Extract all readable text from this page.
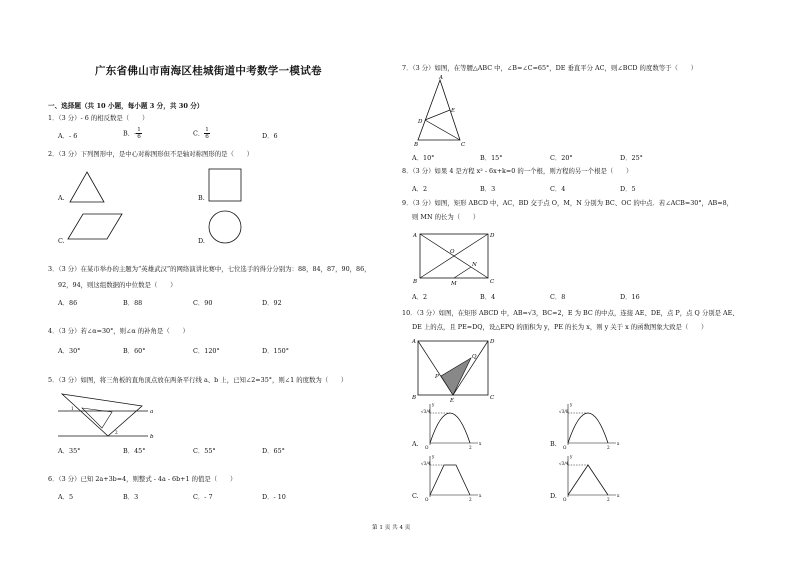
广东省佛山市南海区桂城街道中考数学一模试卷
一、选择题（共 10 小题，每小题 3 分，共 30 分）
1．（3 分）- 6 的相反数是（　　）
A．- 6	B．- $\frac{1}{6}$	C． $\frac{1}{6}$	D．6
2．（3 分）下列图形中，是中心对称图形但不是轴对称图形的是（　　）
A.	B.
C.	D.
3．（3 分）在某市举办的主题为“英雄武汉”的网络演讲比赛中，七位选手的得分分别为：88，84，87，90，86，
92，94，则这组数据的中位数是（　　）
A．86	B．88	C．90	D．92
4．（3 分）若∠α=30°，则∠α 的补角是（　　）
A．30°	B．60°	C．120°	D．150°
5．（3 分）如图，将三角板的直角顶点放在两条平行线 a、b 上，已知∠2=35°，则∠1 的度数为（　　）
a
b
1
2
A．35°	B．45°	C．55°	D．65°
6．（3 分）已知 2a+3b=4，则整式 - 4a - 6b+1 的值是（　　）
A．5	B．3	C．- 7	D．- 10
7．（3 分）如图，在等腰△ABC 中，∠B=∠C=65°，DE 垂直平分 AC，则∠BCD 的度数等于（　　）
A
B	C
D
E
A．10°	B．15°	C．20°	D．25°
8．（3 分）如果 4 是方程 x² - 6x+k=0 的一个根，则方程的另一个根是（　　）
A．2	B．3	C．4	D．5
9．（3 分）如图，矩形 ABCD 中，AC，BD 交于点 O，M，N 分别为 BC、OC 的中点．若∠ACB=30°，AB=8，
则 MN 的长为（　　）
A	D
B	C
O
N
M
A．2	B．4	C．8	D．16
10．（3 分）如图，在矩形 ABCD 中，AB=√3，BC=2，E 为 BC 的中点，连接 AE、DE，点 P，点 Q 分别是 AE、
DE 上的点，且 PE=DQ，设△EPQ 的面积为 y，PE 的长为 x，则 y 关于 x 的函数图象大致是（　　）
A	D
B	C
E
P
Q
A.
√3/4
2
O
x
y
B.
√3/8
2
O
x
y
C.
√3/4
2
O
x
y
D.
√3/4
2
O
x
y
第 1 页 共 4 页
